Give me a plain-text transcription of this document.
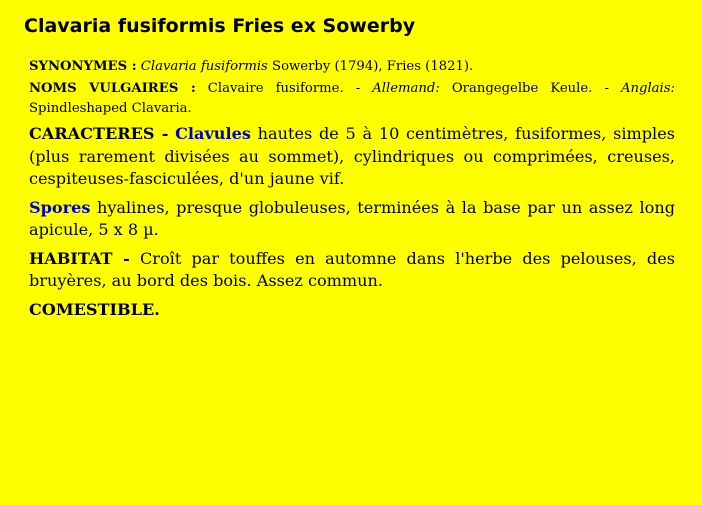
Clavaria fusiformis Fries ex Sowerby

SYNONYMES : Clavaria fusiformis Sowerby (1794), Fries (1821).

NOMS VULGAIRES : Clavaire fusiforme. - Allemand: Orangegelbe Keule. - Anglais: Spindleshaped Clavaria.

CARACTERES - Clavules hautes de 5 à 10 centimètres, fusiformes, simples (plus rarement divisées au sommet), cylindriques ou comprimées, creuses, cespiteuses-fasciculées, d'un jaune vif.

Spores hyalines, presque globuleuses, terminées à la base par un assez long apicule, 5 x 8 µ.

HABITAT - Croît par touffes en automne dans l'herbe des pelouses, des bruyères, au bord des bois. Assez commun.

COMESTIBLE.
